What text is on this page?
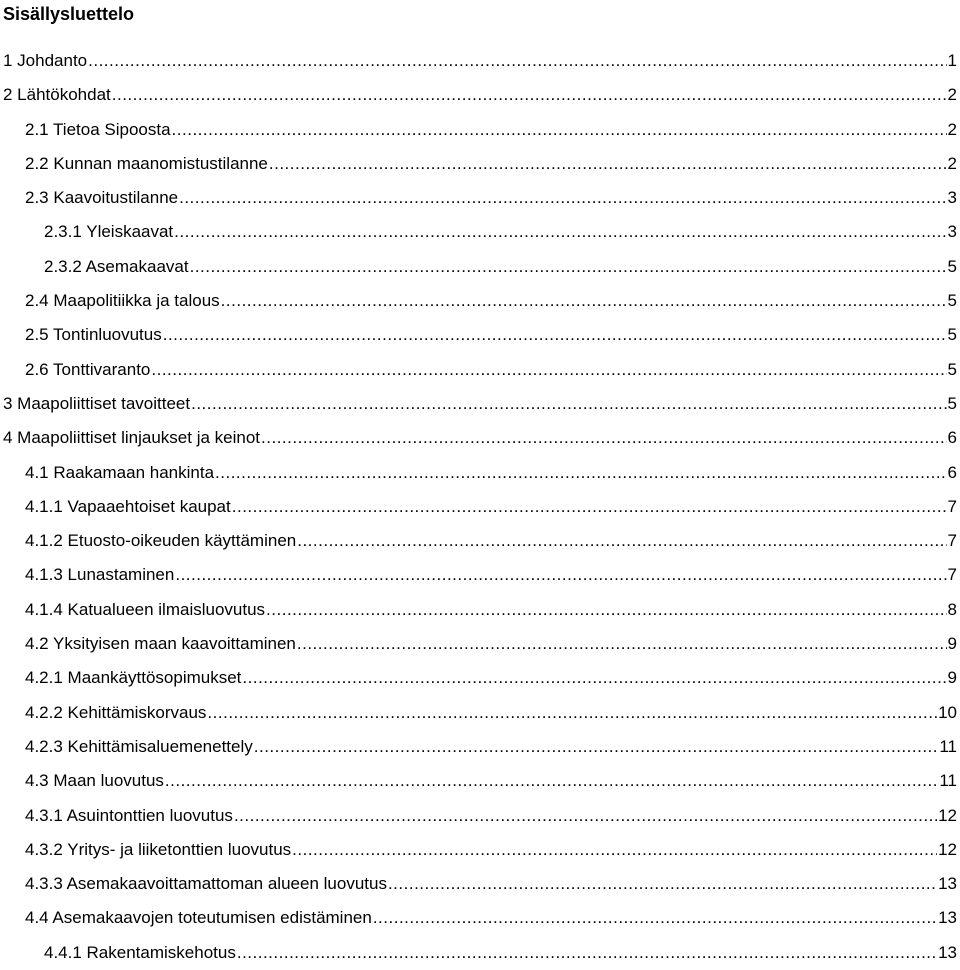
Sisällysluettelo
1 Johdanto .....	1
2 Lähtökohdat .....	2
2.1 Tietoa Sipoosta .....	2
2.2 Kunnan maanomistustilanne .....	2
2.3 Kaavoitustilanne .....	3
2.3.1 Yleiskaavat .....	3
2.3.2 Asemakaavat .....	5
2.4 Maapolitiikka ja talous .....	5
2.5 Tontinluovutus .....	5
2.6 Tonttivaranto .....	5
3 Maapoliittiset tavoitteet .....	5
4 Maapoliittiset linjaukset ja keinot .....	6
4.1 Raakamaan hankinta .....	6
4.1.1 Vapaaehtoiset kaupat .....	7
4.1.2 Etuosto-oikeuden käyttäminen .....	7
4.1.3 Lunastaminen .....	7
4.1.4 Katualueen ilmaisluovutus .....	8
4.2 Yksityisen maan kaavoittaminen .....	9
4.2.1 Maankäyttösopimukset .....	9
4.2.2 Kehittämiskorvaus .....	10
4.2.3 Kehittämisaluemenettely .....	11
4.3 Maan luovutus .....	11
4.3.1 Asuintonttien luovutus .....	12
4.3.2 Yritys- ja liiketonttien luovutus .....	12
4.3.3 Asemakaavoittamattoman alueen luovutus .....	13
4.4 Asemakaavojen toteutumisen edistäminen .....	13
4.4.1 Rakentamiskehotus .....	13
